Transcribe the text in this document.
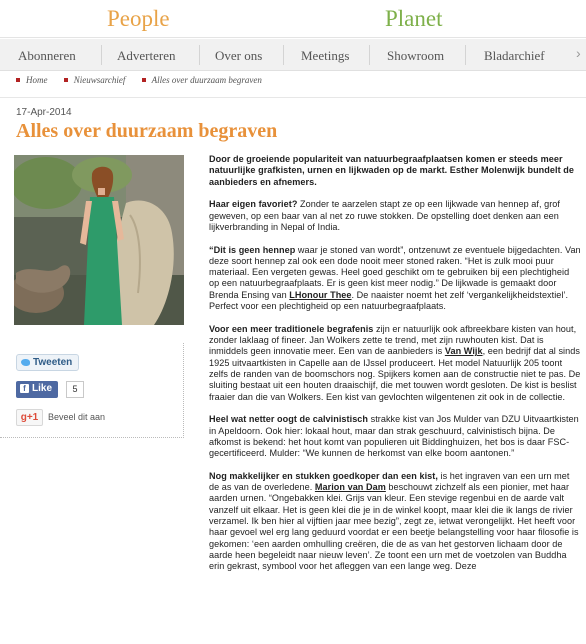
People	Planet
Abonneren	Adverteren	Over ons	Meetings	Showroom	Bladarchief ›
Home	Nieuwsarchief	Alles over duurzaam begraven
17-Apr-2014
Alles over duurzaam begraven
Tweeten
f Like	5
g+1	Beveel dit aan

Door de groeiende populariteit van natuurbegraafplaatsen komen er steeds meer natuurlijke grafkisten, urnen en lijkwaden op de markt. Esther Molenwijk bundelt de aanbieders en afnemers.

Haar eigen favoriet? Zonder te aarzelen stapt ze op een lijkwade van hennep af, grof geweven, op een baar van al net zo ruwe stokken. De opstelling doet denken aan een lijkverbranding in Nepal of India.

“Dit is geen hennep waar je stoned van wordt”, ontzenuwt ze eventuele bijgedachten. Van deze soort hennep zal ook een dode nooit meer stoned raken. “Het is zulk mooi puur materiaal. Een vergeten gewas. Heel goed geschikt om te gebruiken bij een plechtigheid op een natuurbegraafplaats. Er is geen kist meer nodig.” De lijkwade is gemaakt door Brenda Ensing van LHonour Thee. De naaister noemt het zelf ‘vergankelijkheidstextiel’. Perfect voor een plechtigheid op een natuurbegraafplaats.

Voor een meer traditionele begrafenis zijn er natuurlijk ook afbreekbare kisten van hout, zonder laklaag of fineer. Jan Wolkers zette te trend, met zijn ruwhouten kist. Dat is inmiddels geen innovatie meer. Een van de aanbieders is Van Wijk, een bedrijf dat al sinds 1925 uitvaartkisten in Capelle aan de IJssel produceert. Het model Natuurlijk 205 toont zelfs de randen van de boomschors nog. Spijkers komen aan de constructie niet te pas. De sluiting bestaat uit een houten draaischijf, die met touwen wordt gesloten. De kist is beslist fraaier dan die van Wolkers. Een kist van gevlochten wilgentenen zit ook in de collectie.

Heel wat netter oogt de calvinistisch strakke kist van Jos Mulder van DZU Uitvaartkisten in Apeldoorn. Ook hier: lokaal hout, maar dan strak geschuurd, calvinistisch bijna. De afkomst is bekend: het hout komt van populieren uit Biddinghuizen, het bos is daar FSC-gecertificeerd. Mulder: “We kunnen de herkomst van elke boom aantonen.”

Nog makkelijker en stukken goedkoper dan een kist, is het ingraven van een urn met de as van de overledene. Marion van Dam beschouwt zichzelf als een pionier, met haar aarden urnen. “Ongebakken klei. Grijs van kleur. Een stevige regenbui en de aarde valt vanzelf uit elkaar. Het is geen klei die je in de winkel koopt, maar klei die ik langs de rivier verzamel. Ik ben hier al vijftien jaar mee bezig”, zegt ze, ietwat verongelijkt. Het heeft voor haar gevoel wel erg lang geduurd voordat er een beetje belangstelling voor haar filosofie is gekomen: ‘een aarden omhulling creëren, die de as van het gestorven lichaam door de aarde heen begeleidt naar nieuw leven’. Ze toont een urn met de voetzolen van Buddha erin gekrast, symbool voor het afleggen van een lange weg. Deze
